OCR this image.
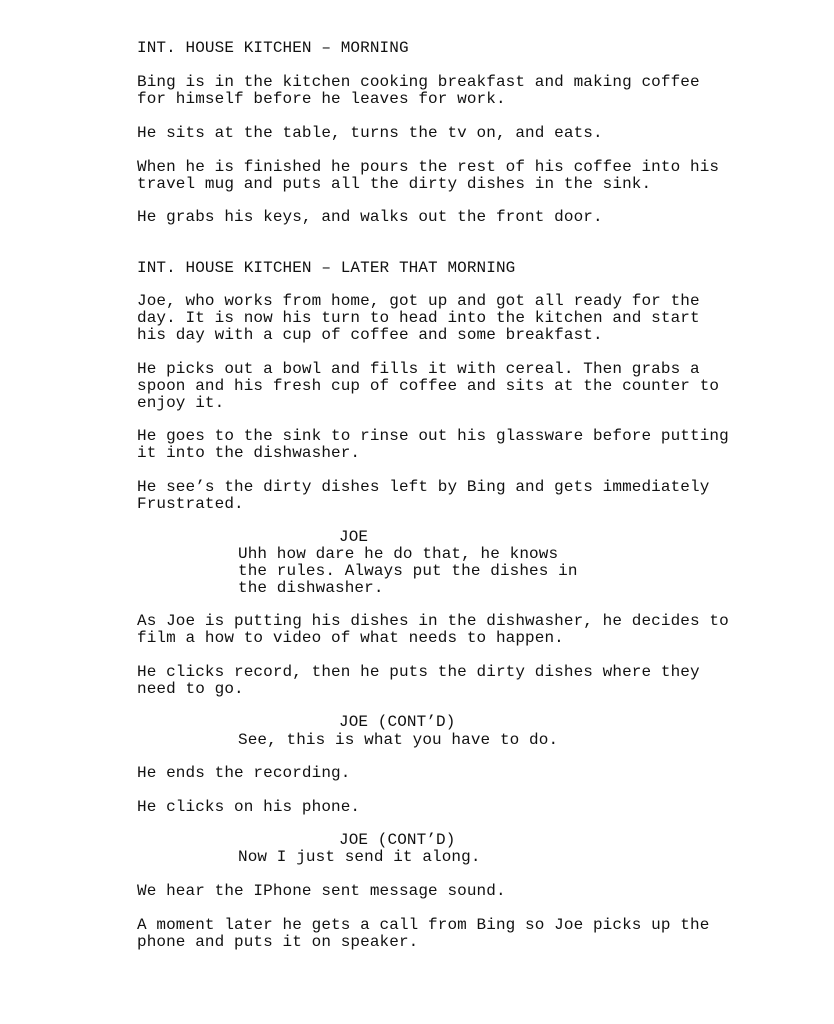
INT. HOUSE KITCHEN – MORNING

Bing is in the kitchen cooking breakfast and making coffee
for himself before he leaves for work.

He sits at the table, turns the tv on, and eats.

When he is finished he pours the rest of his coffee into his
travel mug and puts all the dirty dishes in the sink.

He grabs his keys, and walks out the front door.

INT. HOUSE KITCHEN – LATER THAT MORNING

Joe, who works from home, got up and got all ready for the
day. It is now his turn to head into the kitchen and start
his day with a cup of coffee and some breakfast.

He picks out a bowl and fills it with cereal. Then grabs a
spoon and his fresh cup of coffee and sits at the counter to
enjoy it.

He goes to the sink to rinse out his glassware before putting
it into the dishwasher.

He see’s the dirty dishes left by Bing and gets immediately
Frustrated.

JOE

Uhh how dare he do that, he knows
the rules. Always put the dishes in
the dishwasher.

As Joe is putting his dishes in the dishwasher, he decides to
film a how to video of what needs to happen.

He clicks record, then he puts the dirty dishes where they
need to go.

JOE (CONT’D)

See, this is what you have to do.

He ends the recording.

He clicks on his phone.

JOE (CONT’D)

Now I just send it along.

We hear the IPhone sent message sound.

A moment later he gets a call from Bing so Joe picks up the
phone and puts it on speaker.
